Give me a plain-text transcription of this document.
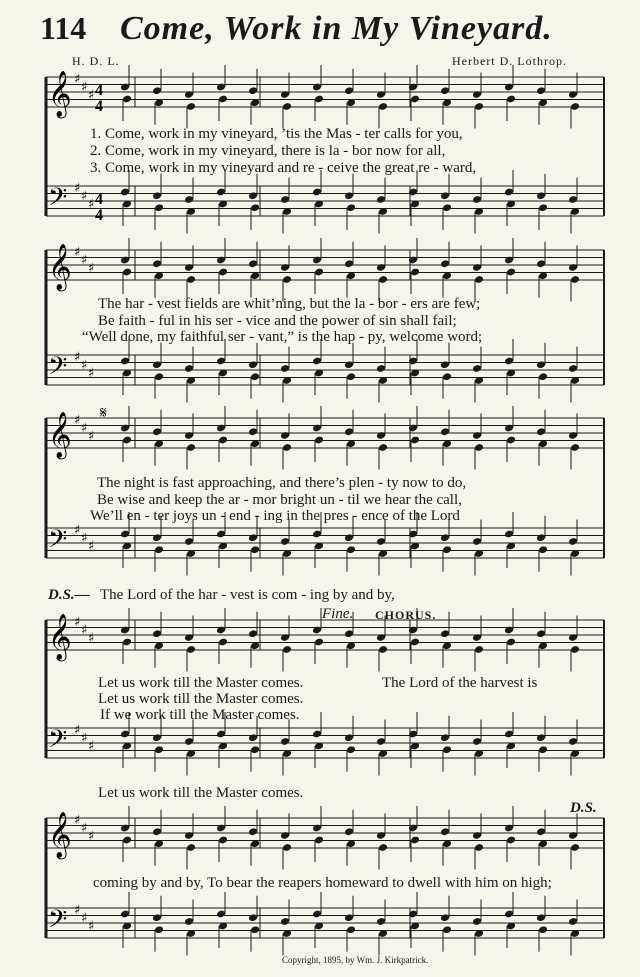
114 Come, Work in My Vineyard.
H. D. L.	Herbert D. Lothrop.
𝄞 ♯
♯
♯
𝄢 ♯
♯
♯
𝄞 ♯
♯
♯
𝄢 ♯
♯
♯
𝄞 ♯
♯
♯
𝄢 ♯
♯
♯
𝄞 ♯
♯
♯
𝄢 ♯
♯
♯
𝄞 ♯
♯
♯
𝄢 ♯
♯
♯
4
4
4
4
𝄋
1. Come, work in my vineyard, ’tis the Mas - ter calls for you,
2. Come, work in my vineyard, there is la - bor now for all,
3. Come, work in my vineyard and re - ceive the great re - ward,
The har - vest fields are whit’ning, but the la - bor - ers are few;
Be faith - ful in his ser - vice and the power of sin shall fail;
“Well done, my faithful ser - vant,” is the hap - py, welcome word;
The night is fast approaching, and there’s plen - ty now to do,
Be wise and keep the ar - mor bright un - til we hear the call,
We’ll en - ter joys un - end - ing in the pres - ence of the Lord
D.S.— The Lord of the har - vest is com - ing by and by,
Fine. CHORUS.
Let us work till the Master comes.
Let us work till the Master comes.
If we work till the Master comes.
The Lord of the harvest is
Let us work till the Master comes.
D.S.
coming by and by, To bear the reapers homeward to dwell with him on high;
Copyright, 1895, by Wm. J. Kirkpatrick.
